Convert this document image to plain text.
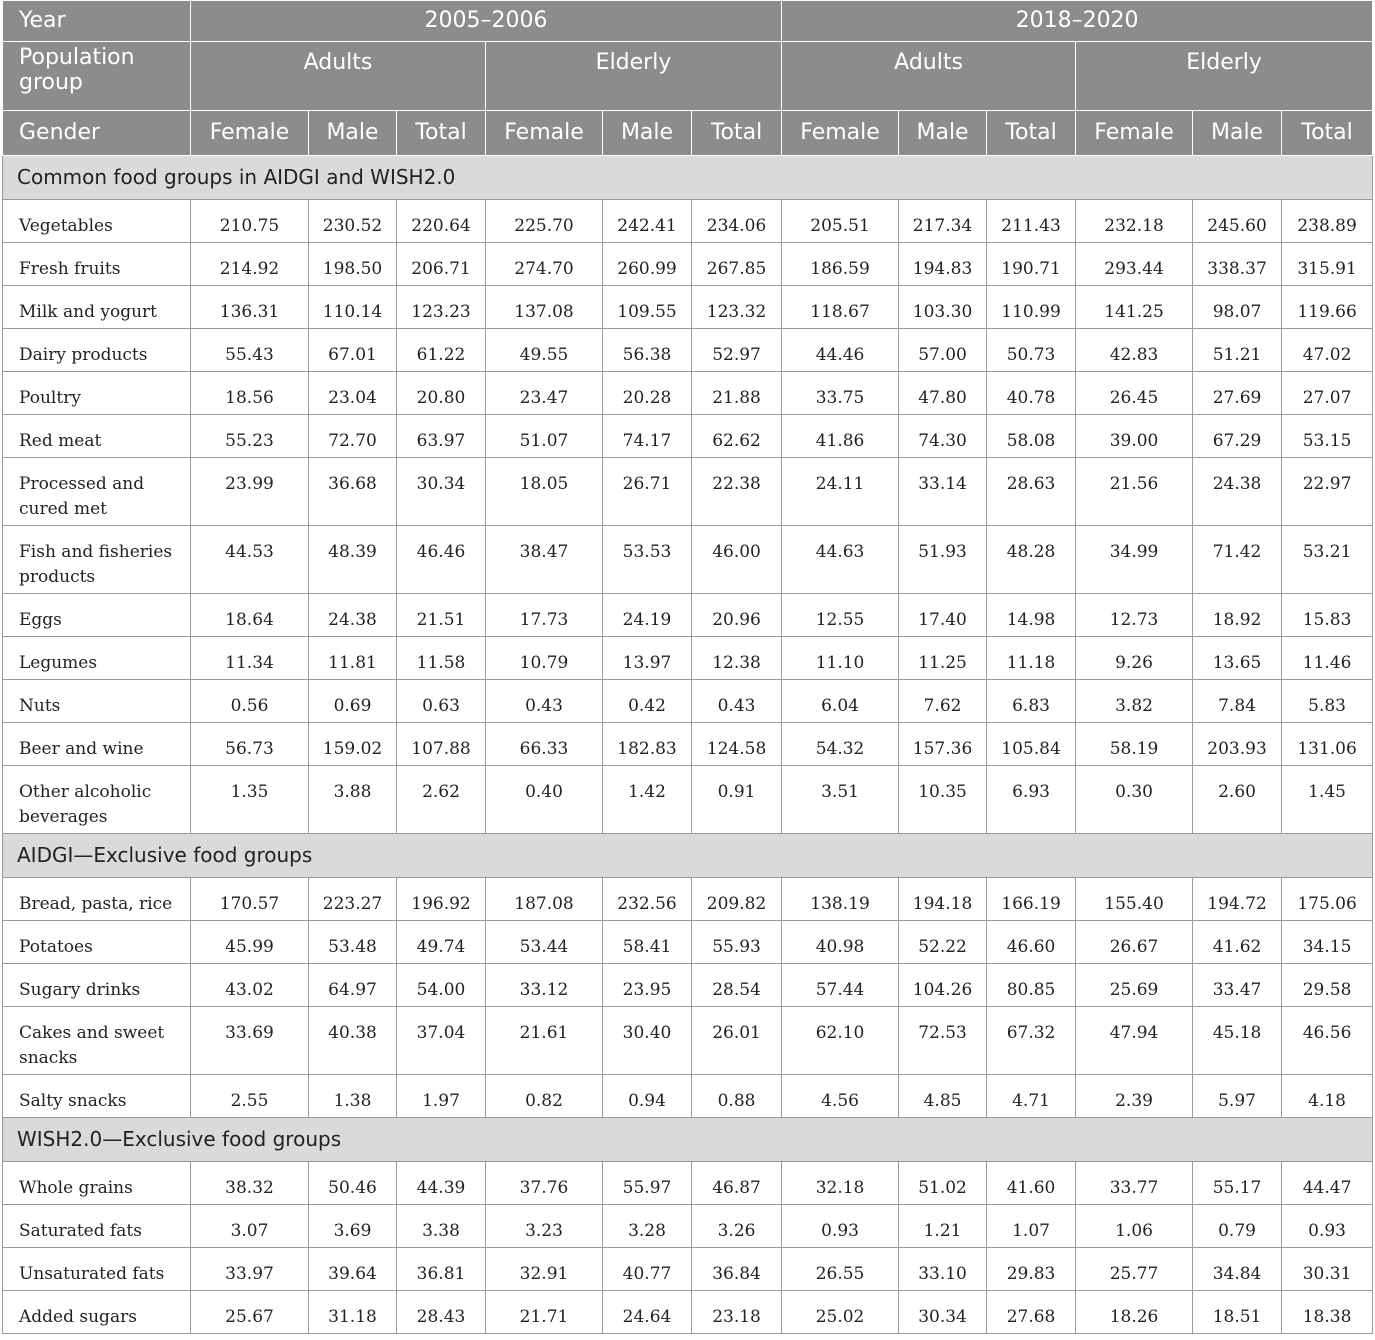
Year	2005–2006						2018–2020					
Population group	Adults			Elderly			Adults			Elderly		
Gender	Female	Male	Total	Female	Male	Total	Female	Male	Total	Female	Male	Total
Common food groups in AIDGI and WISH2.0												
Vegetables	210.75	230.52	220.64	225.70	242.41	234.06	205.51	217.34	211.43	232.18	245.60	238.89
Fresh fruits	214.92	198.50	206.71	274.70	260.99	267.85	186.59	194.83	190.71	293.44	338.37	315.91
Milk and yogurt	136.31	110.14	123.23	137.08	109.55	123.32	118.67	103.30	110.99	141.25	98.07	119.66
Dairy products	55.43	67.01	61.22	49.55	56.38	52.97	44.46	57.00	50.73	42.83	51.21	47.02
Poultry	18.56	23.04	20.80	23.47	20.28	21.88	33.75	47.80	40.78	26.45	27.69	27.07
Red meat	55.23	72.70	63.97	51.07	74.17	62.62	41.86	74.30	58.08	39.00	67.29	53.15
Processed and cured met	23.99	36.68	30.34	18.05	26.71	22.38	24.11	33.14	28.63	21.56	24.38	22.97
Fish and fisheries products	44.53	48.39	46.46	38.47	53.53	46.00	44.63	51.93	48.28	34.99	71.42	53.21
Eggs	18.64	24.38	21.51	17.73	24.19	20.96	12.55	17.40	14.98	12.73	18.92	15.83
Legumes	11.34	11.81	11.58	10.79	13.97	12.38	11.10	11.25	11.18	9.26	13.65	11.46
Nuts	0.56	0.69	0.63	0.43	0.42	0.43	6.04	7.62	6.83	3.82	7.84	5.83
Beer and wine	56.73	159.02	107.88	66.33	182.83	124.58	54.32	157.36	105.84	58.19	203.93	131.06
Other alcoholic beverages	1.35	3.88	2.62	0.40	1.42	0.91	3.51	10.35	6.93	0.30	2.60	1.45
AIDGI—Exclusive food groups												
Bread, pasta, rice	170.57	223.27	196.92	187.08	232.56	209.82	138.19	194.18	166.19	155.40	194.72	175.06
Potatoes	45.99	53.48	49.74	53.44	58.41	55.93	40.98	52.22	46.60	26.67	41.62	34.15
Sugary drinks	43.02	64.97	54.00	33.12	23.95	28.54	57.44	104.26	80.85	25.69	33.47	29.58
Cakes and sweet snacks	33.69	40.38	37.04	21.61	30.40	26.01	62.10	72.53	67.32	47.94	45.18	46.56
Salty snacks	2.55	1.38	1.97	0.82	0.94	0.88	4.56	4.85	4.71	2.39	5.97	4.18
WISH2.0—Exclusive food groups												
Whole grains	38.32	50.46	44.39	37.76	55.97	46.87	32.18	51.02	41.60	33.77	55.17	44.47
Saturated fats	3.07	3.69	3.38	3.23	3.28	3.26	0.93	1.21	1.07	1.06	0.79	0.93
Unsaturated fats	33.97	39.64	36.81	32.91	40.77	36.84	26.55	33.10	29.83	25.77	34.84	30.31
Added sugars	25.67	31.18	28.43	21.71	24.64	23.18	25.02	30.34	27.68	18.26	18.51	18.38
